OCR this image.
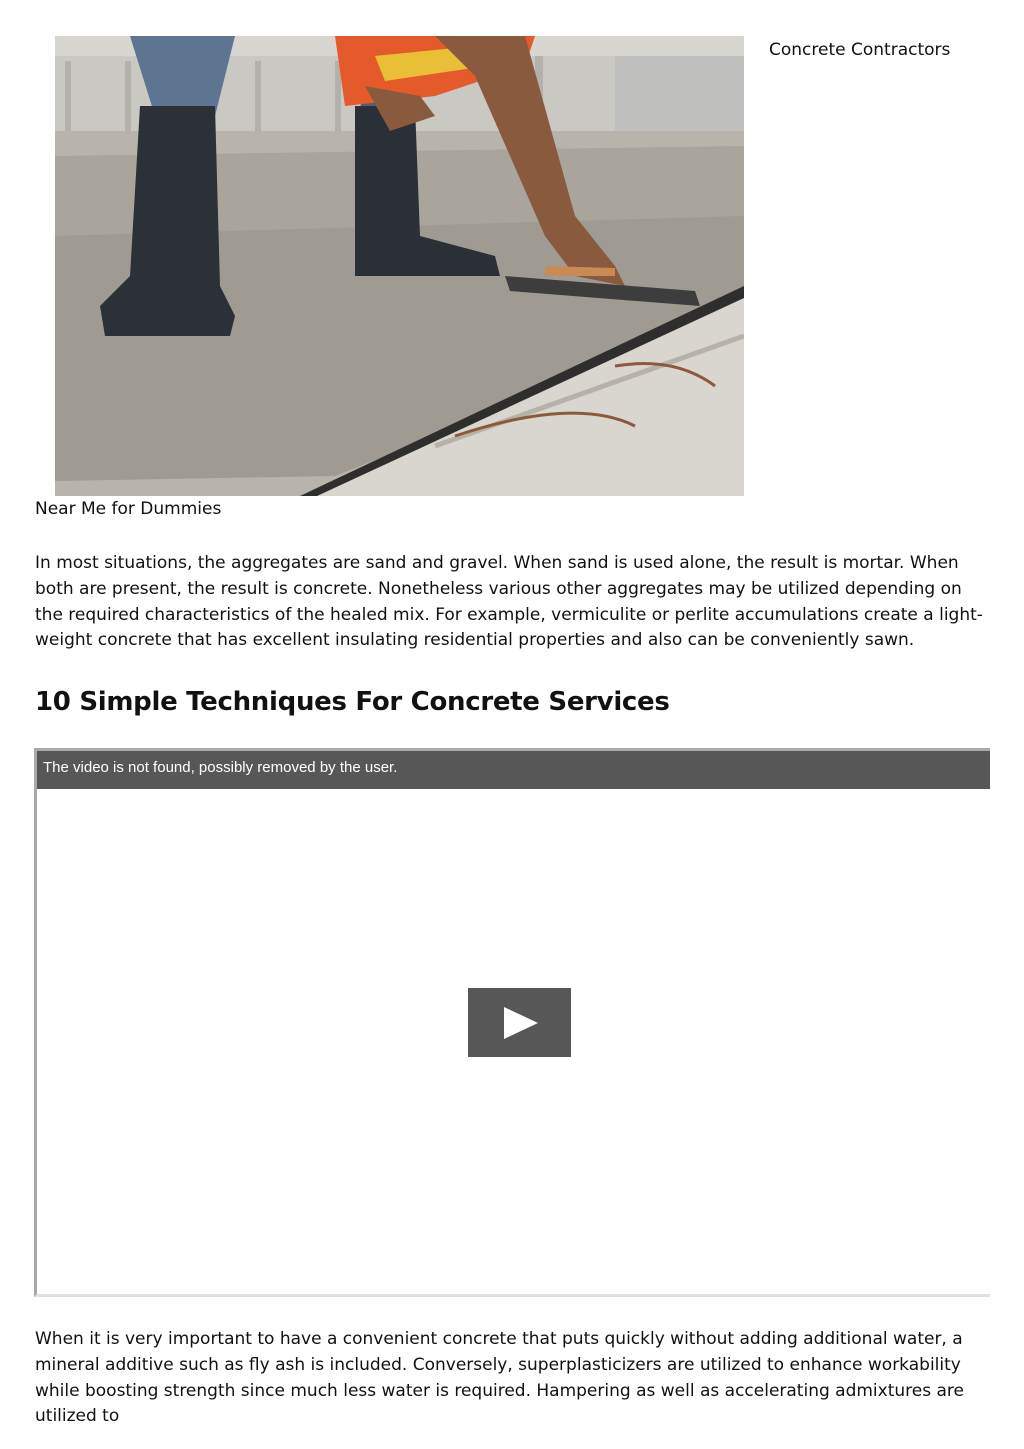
Concrete Contractors
Near Me for Dummies

In most situations, the aggregates are sand and gravel. When sand is used alone, the result is mortar. When both are present, the result is concrete. Nonetheless various other aggregates may be utilized depending on the required characteristics of the healed mix. For example, vermiculite or perlite accumulations create a light-weight concrete that has excellent insulating residential properties and also can be conveniently sawn.

10 Simple Techniques For Concrete Services
The video is not found, possibly removed by the user.

When it is very important to have a convenient concrete that puts quickly without adding additional water, a mineral additive such as fly ash is included. Conversely, superplasticizers are utilized to enhance workability while boosting strength since much less water is required. Hampering as well as accelerating admixtures are utilized to
